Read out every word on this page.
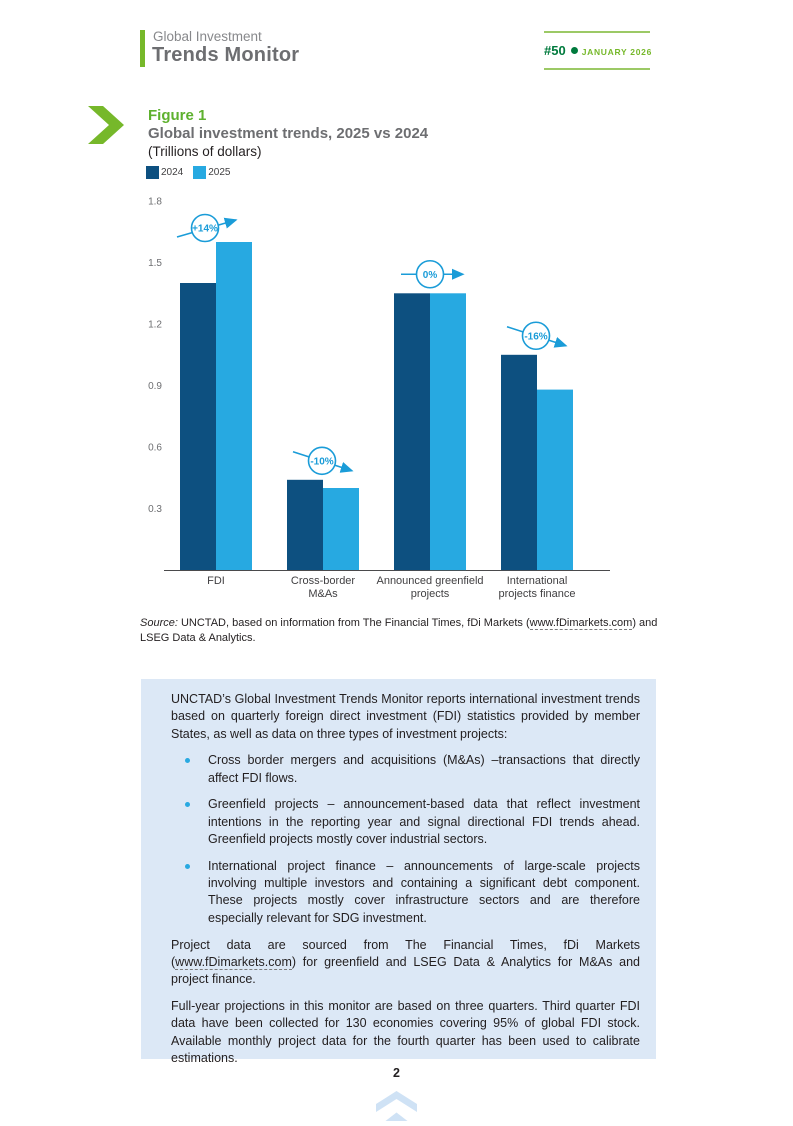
Global Investment
Trends Monitor	#50 JANUARY 2026
Figure 1
Global investment trends, 2025 vs 2024
(Trillions of dollars)
2024	2025
1.8
1.5
1.2
0.9
0.6
0.3
FDI
+14%
Cross-border
M&As
-10%
Announced greenfield
projects
0%
International
projects finance
-16%
Source: UNCTAD, based on information from The Financial Times, fDi Markets (www.fDimarkets.com) and LSEG Data & Analytics.

UNCTAD’s Global Investment Trends Monitor reports international investment trends based on quarterly foreign direct investment (FDI) statistics provided by member States, as well as data on three types of investment projects:

Cross border mergers and acquisitions (M&As) –transactions that directly affect FDI flows.
Greenfield projects – announcement-based data that reflect investment intentions in the reporting year and signal directional FDI trends ahead. Greenfield projects mostly cover industrial sectors.
International project finance – announcements of large-scale projects involving multiple investors and containing a significant debt component. These projects mostly cover infrastructure sectors and are therefore especially relevant for SDG investment.

Project data are sourced from The Financial Times, fDi Markets (www.fDimarkets.com) for greenfield and LSEG Data & Analytics for M&As and project finance.

Full-year projections in this monitor are based on three quarters. Third quarter FDI data have been collected for 130 economies covering 95% of global FDI stock. Available monthly project data for the fourth quarter has been used to calibrate estimations.

2
